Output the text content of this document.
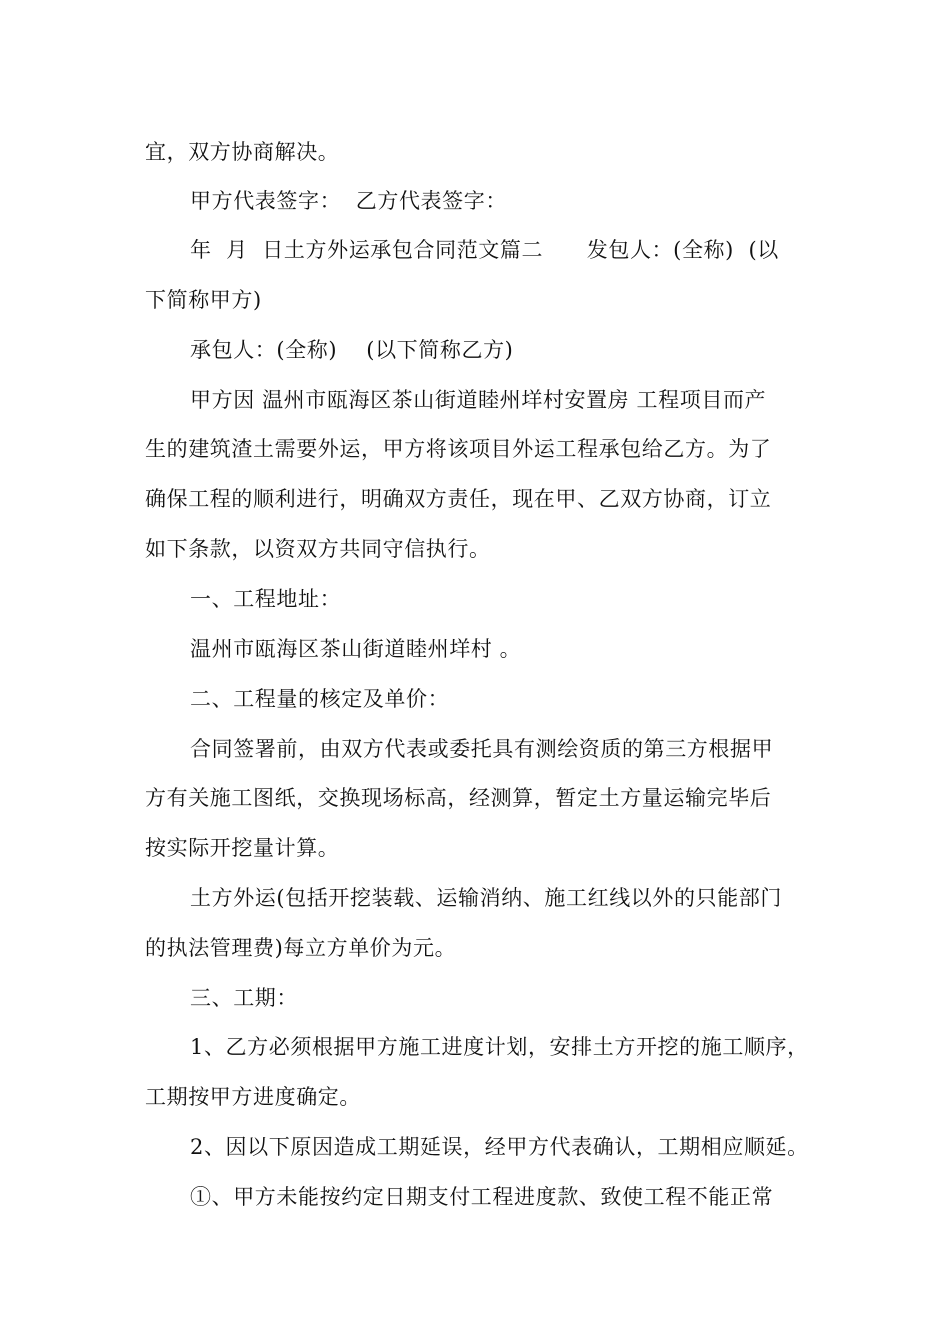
宜，双方协商解决。
甲方代表签字：  乙方代表签字：
年  月  日土方外运承包合同范文篇二      发包人：(全称)  (以
下简称甲方)
承包人：(全称)    (以下简称乙方)
甲方因 温州市瓯海区茶山街道睦州垟村安置房 工程项目而产
生的建筑渣土需要外运，甲方将该项目外运工程承包给乙方。为了
确保工程的顺利进行，明确双方责任，现在甲、乙双方协商，订立
如下条款，以资双方共同守信执行。
一、工程地址：
温州市瓯海区茶山街道睦州垟村 。
二、工程量的核定及单价：
合同签署前，由双方代表或委托具有测绘资质的第三方根据甲
方有关施工图纸，交换现场标高，经测算，暂定土方量运输完毕后
按实际开挖量计算。
土方外运(包括开挖装载、运输消纳、施工红线以外的只能部门
的执法管理费)每立方单价为元。
三、工期：
1、乙方必须根据甲方施工进度计划，安排土方开挖的施工顺序，
工期按甲方进度确定。
2、因以下原因造成工期延误，经甲方代表确认，工期相应顺延。
①、甲方未能按约定日期支付工程进度款、致使工程不能正常
